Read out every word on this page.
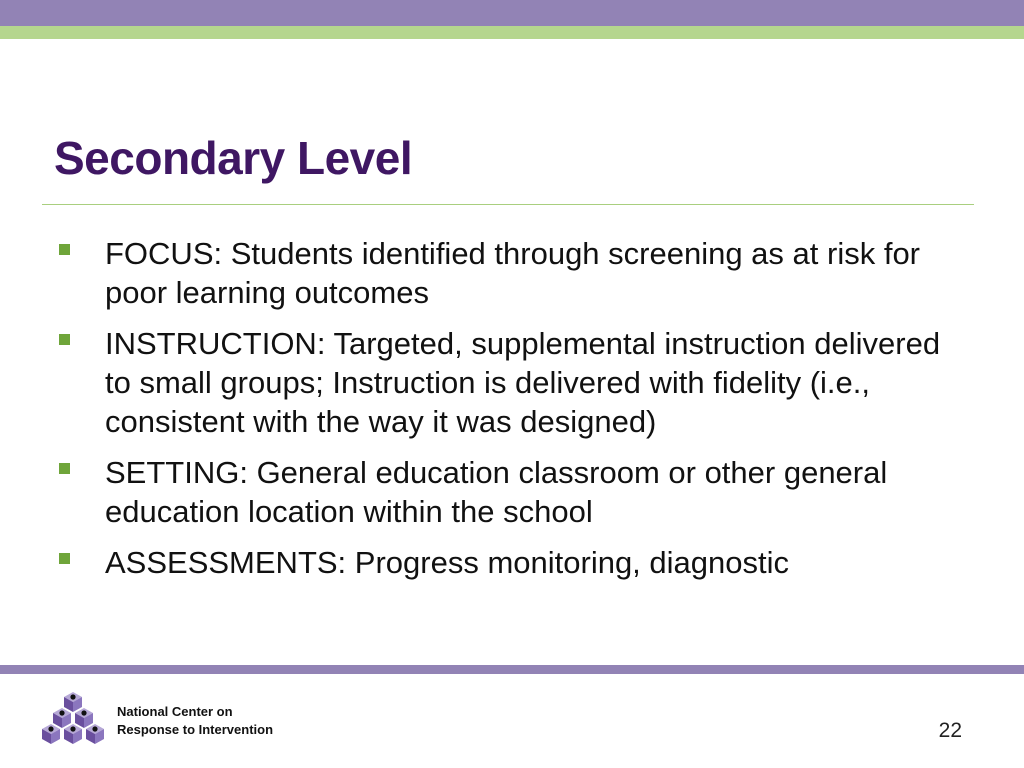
Secondary Level
FOCUS: Students identified through screening as at risk for poor learning outcomes
INSTRUCTION: Targeted, supplemental instruction delivered to small groups; Instruction is delivered with fidelity (i.e., consistent with the way it was designed)
SETTING: General education classroom or other general education location within the school
ASSESSMENTS: Progress monitoring, diagnostic
National Center on
Response to Intervention	22
